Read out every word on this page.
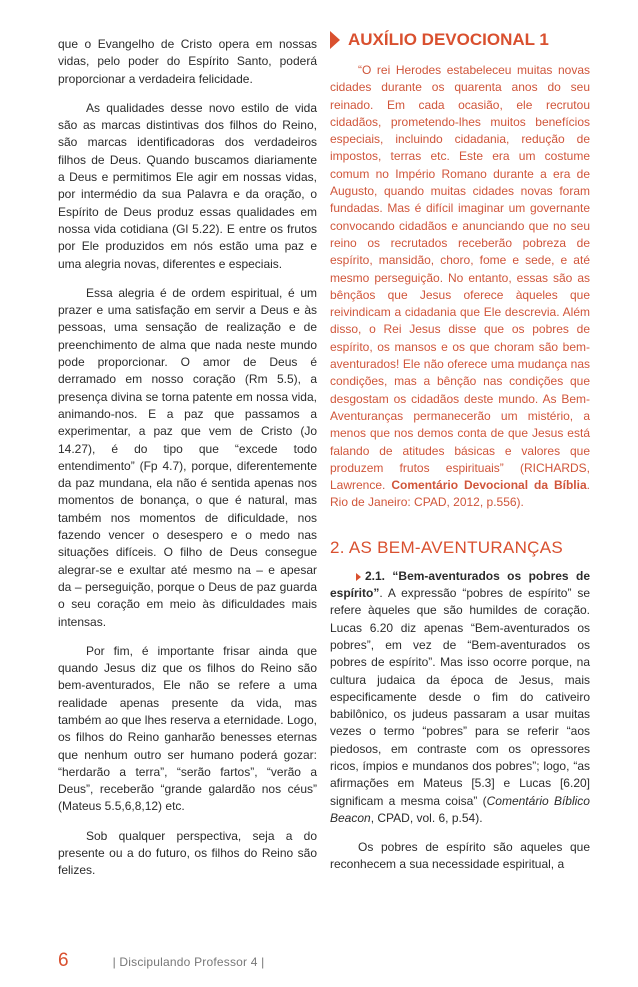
que o Evangelho de Cristo opera em nossas vidas, pelo poder do Espírito Santo, poderá proporcionar a verdadeira felicidade.

As qualidades desse novo estilo de vida são as marcas distintivas dos filhos do Reino, são marcas identificadoras dos verdadeiros filhos de Deus. Quando buscamos diariamente a Deus e permitimos Ele agir em nossas vidas, por intermédio da sua Palavra e da oração, o Espírito de Deus produz essas qualidades em nossa vida cotidiana (Gl 5.22). E entre os frutos por Ele produzidos em nós estão uma paz e uma alegria novas, diferentes e especiais.

Essa alegria é de ordem espiritual, é um prazer e uma satisfação em servir a Deus e às pessoas, uma sensação de realização e de preenchimento de alma que nada neste mundo pode proporcionar. O amor de Deus é derramado em nosso coração (Rm 5.5), a presença divina se torna patente em nossa vida, animando-nos. E a paz que passamos a experimentar, a paz que vem de Cristo (Jo 14.27), é do tipo que “excede todo entendimento” (Fp 4.7), porque, diferentemente da paz mundana, ela não é sentida apenas nos momentos de bonança, o que é natural, mas também nos momentos de dificuldade, nos fazendo vencer o desespero e o medo nas situações difíceis. O filho de Deus consegue alegrar-se e exultar até mesmo na – e apesar da – perseguição, porque o Deus de paz guarda o seu coração em meio às dificuldades mais intensas.

Por fim, é importante frisar ainda que quando Jesus diz que os filhos do Reino são bem-aventurados, Ele não se refere a uma realidade apenas presente da vida, mas também ao que lhes reserva a eternidade. Logo, os filhos do Reino ganharão benesses eternas que nenhum outro ser humano poderá gozar: “herdarão a terra”, “serão fartos”, “verão a Deus”, receberão “grande galardão nos céus” (Mateus 5.5,6,8,12) etc.

Sob qualquer perspectiva, seja a do presente ou a do futuro, os filhos do Reino são felizes.

AUXÍLIO DEVOCIONAL 1

“O rei Herodes estabeleceu muitas novas cidades durante os quarenta anos do seu reinado. Em cada ocasião, ele recrutou cidadãos, prometendo-lhes muitos benefícios especiais, incluindo cidadania, redução de impostos, terras etc. Este era um costume comum no Império Romano durante a era de Augusto, quando muitas cidades novas foram fundadas. Mas é difícil imaginar um governante convocando cidadãos e anunciando que no seu reino os recrutados receberão pobreza de espírito, mansidão, choro, fome e sede, e até mesmo perseguição. No entanto, essas são as bênçãos que Jesus oferece àqueles que reivindicam a cidadania que Ele descrevia. Além disso, o Rei Jesus disse que os pobres de espírito, os mansos e os que choram são bem-aventurados! Ele não oferece uma mudança nas condições, mas a bênção nas condições que desgostam os cidadãos deste mundo. As Bem-Aventuranças permanecerão um mistério, a menos que nos demos conta de que Jesus está falando de atitudes básicas e valores que produzem frutos espirituais” (RICHARDS, Lawrence. Comentário Devocional da Bíblia. Rio de Janeiro: CPAD, 2012, p.556).

2. AS BEM-AVENTURANÇAS

2.1. “Bem-aventurados os pobres de espírito”. A expressão “pobres de espírito” se refere àqueles que são humildes de coração. Lucas 6.20 diz apenas “Bem-aventurados os pobres”, em vez de “Bem-aventurados os pobres de espírito”. Mas isso ocorre porque, na cultura judaica da época de Jesus, mais especificamente desde o fim do cativeiro babilônico, os judeus passaram a usar muitas vezes o termo “pobres” para se referir “aos piedosos, em contraste com os opressores ricos, ímpios e mundanos dos pobres”; logo, “as afirmações em Mateus [5.3] e Lucas [6.20] significam a mesma coisa” (Comentário Bíblico Beacon, CPAD, vol. 6, p.54).

Os pobres de espírito são aqueles que reconhecem a sua necessidade espiritual, a

6	| Discipulando Professor 4 |
